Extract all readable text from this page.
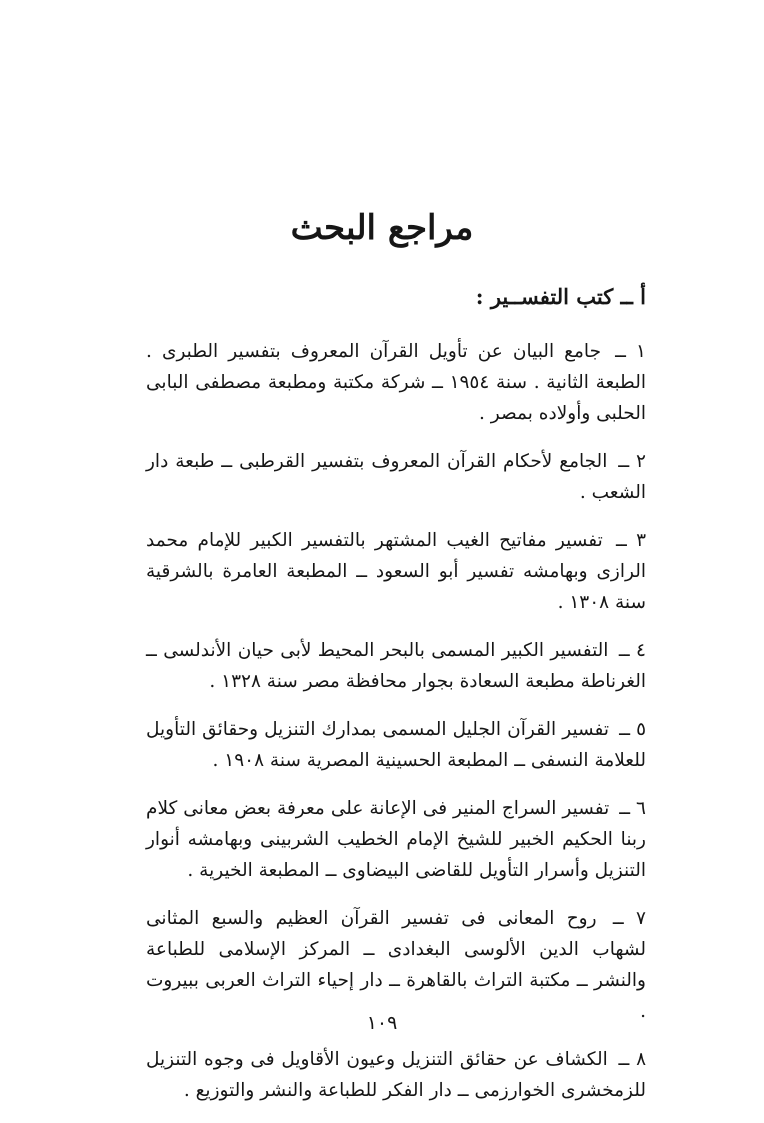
مراجع البحث
أ ــ كتب التفســير :

١ ــ جامع البيان عن تأويل القرآن المعروف بتفسير الطبرى . الطبعة الثانية . سنة ١٩٥٤ ــ شركة مكتبة ومطبعة مصطفى البابى الحلبى وأولاده بمصر .

٢ ــ الجامع لأحكام القرآن المعروف بتفسير القرطبى ــ طبعة دار الشعب .

٣ ــ تفسير مفاتيح الغيب المشتهر بالتفسير الكبير للإمام محمد الرازى وبهامشه تفسير أبو السعود ــ المطبعة العامرة بالشرقية سنة ١٣٠٨ .

٤ ــ التفسير الكبير المسمى بالبحر المحيط لأبى حيان الأندلسى ــ الغرناطة مطبعة السعادة بجوار محافظة مصر سنة ١٣٢٨ .

٥ ــ تفسير القرآن الجليل المسمى بمدارك التنزيل وحقائق التأويل للعلامة النسفى ــ المطبعة الحسينية المصرية سنة ١٩٠٨ .

٦ ــ تفسير السراج المنير فى الإعانة على معرفة بعض معانى كلام ربنا الحكيم الخبير للشيخ الإمام الخطيب الشربينى وبهامشه أنوار التنزيل وأسرار التأويل للقاضى البيضاوى ــ المطبعة الخيرية .

٧ ــ روح المعانى فى تفسير القرآن العظيم والسبع المثانى لشهاب الدين الألوسى البغدادى ــ المركز الإسلامى للطباعة والنشر ــ مكتبة التراث بالقاهرة ــ دار إحياء التراث العربى ببيروت .

٨ ــ الكشاف عن حقائق التنزيل وعيون الأقاويل فى وجوه التنزيل للزمخشرى الخوارزمى ــ دار الفكر للطباعة والنشر والتوزيع .

١٠٩
